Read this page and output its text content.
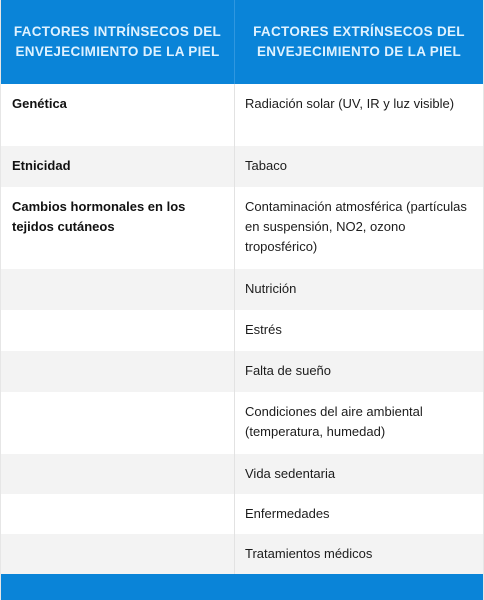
FACTORES INTRÍNSECOS DEL ENVEJECIMIENTO DE LA PIEL
FACTORES EXTRÍNSECOS DEL ENVEJECIMIENTO DE LA PIEL
Genética	Radiación solar (UV, IR y luz visible)
Etnicidad	Tabaco
Cambios hormonales en los tejidos cutáneos
Contaminación atmosférica (partículas en suspensión, NO2, ozono troposférico)
Nutrición
Estrés
Falta de sueño
Condiciones del aire ambiental (temperatura, humedad)
Vida sedentaria
Enfermedades
Tratamientos médicos
